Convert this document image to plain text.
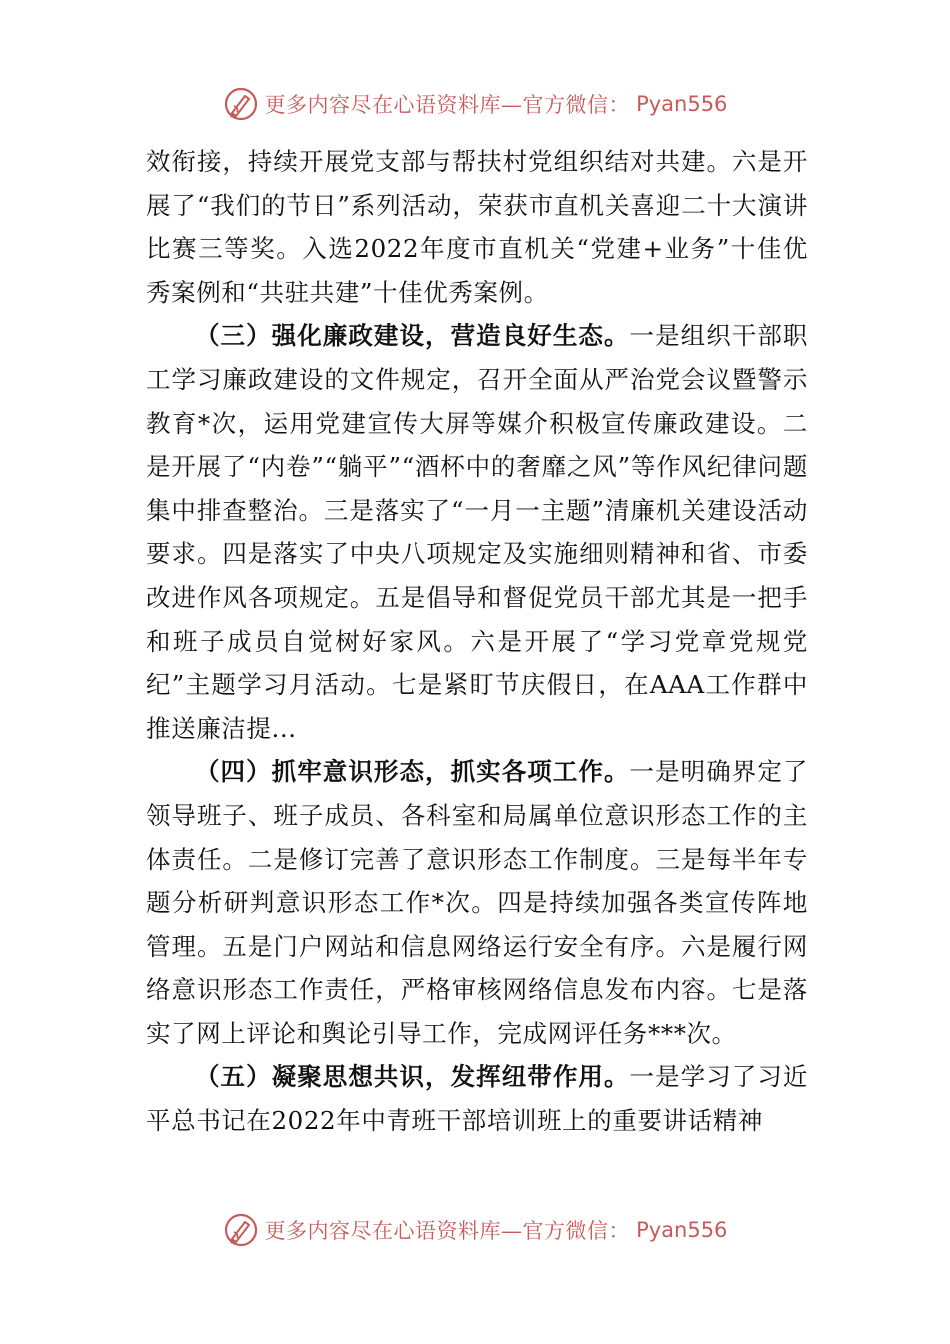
更多内容尽在心语资料库—官方微信： Pyan556

效衔接，持续开展党支部与帮扶村党组织结对共建。六是开展了“我们的节日”系列活动，荣获市直机关喜迎二十大演讲比赛三等奖。入选2022年度市直机关“党建+业务”十佳优秀案例和“共驻共建”十佳优秀案例。

（三）强化廉政建设，营造良好生态。一是组织干部职工学习廉政建设的文件规定，召开全面从严治党会议暨警示教育*次，运用党建宣传大屏等媒介积极宣传廉政建设。二是开展了“内卷”“躺平”“酒杯中的奢靡之风”等作风纪律问题集中排查整治。三是落实了“一月一主题”清廉机关建设活动要求。四是落实了中央八项规定及实施细则精神和省、市委改进作风各项规定。五是倡导和督促党员干部尤其是一把手和班子成员自觉树好家风。六是开展了“学习党章党规党纪”主题学习月活动。七是紧盯节庆假日，在AAA工作群中推送廉洁提...

（四）抓牢意识形态，抓实各项工作。一是明确界定了领导班子、班子成员、各科室和局属单位意识形态工作的主体责任。二是修订完善了意识形态工作制度。三是每半年专题分析研判意识形态工作*次。四是持续加强各类宣传阵地管理。五是门户网站和信息网络运行安全有序。六是履行网络意识形态工作责任，严格审核网络信息发布内容。七是落实了网上评论和舆论引导工作，完成网评任务***次。

（五）凝聚思想共识，发挥纽带作用。一是学习了习近平总书记在2022年中青班干部培训班上的重要讲话精神

更多内容尽在心语资料库—官方微信： Pyan556
